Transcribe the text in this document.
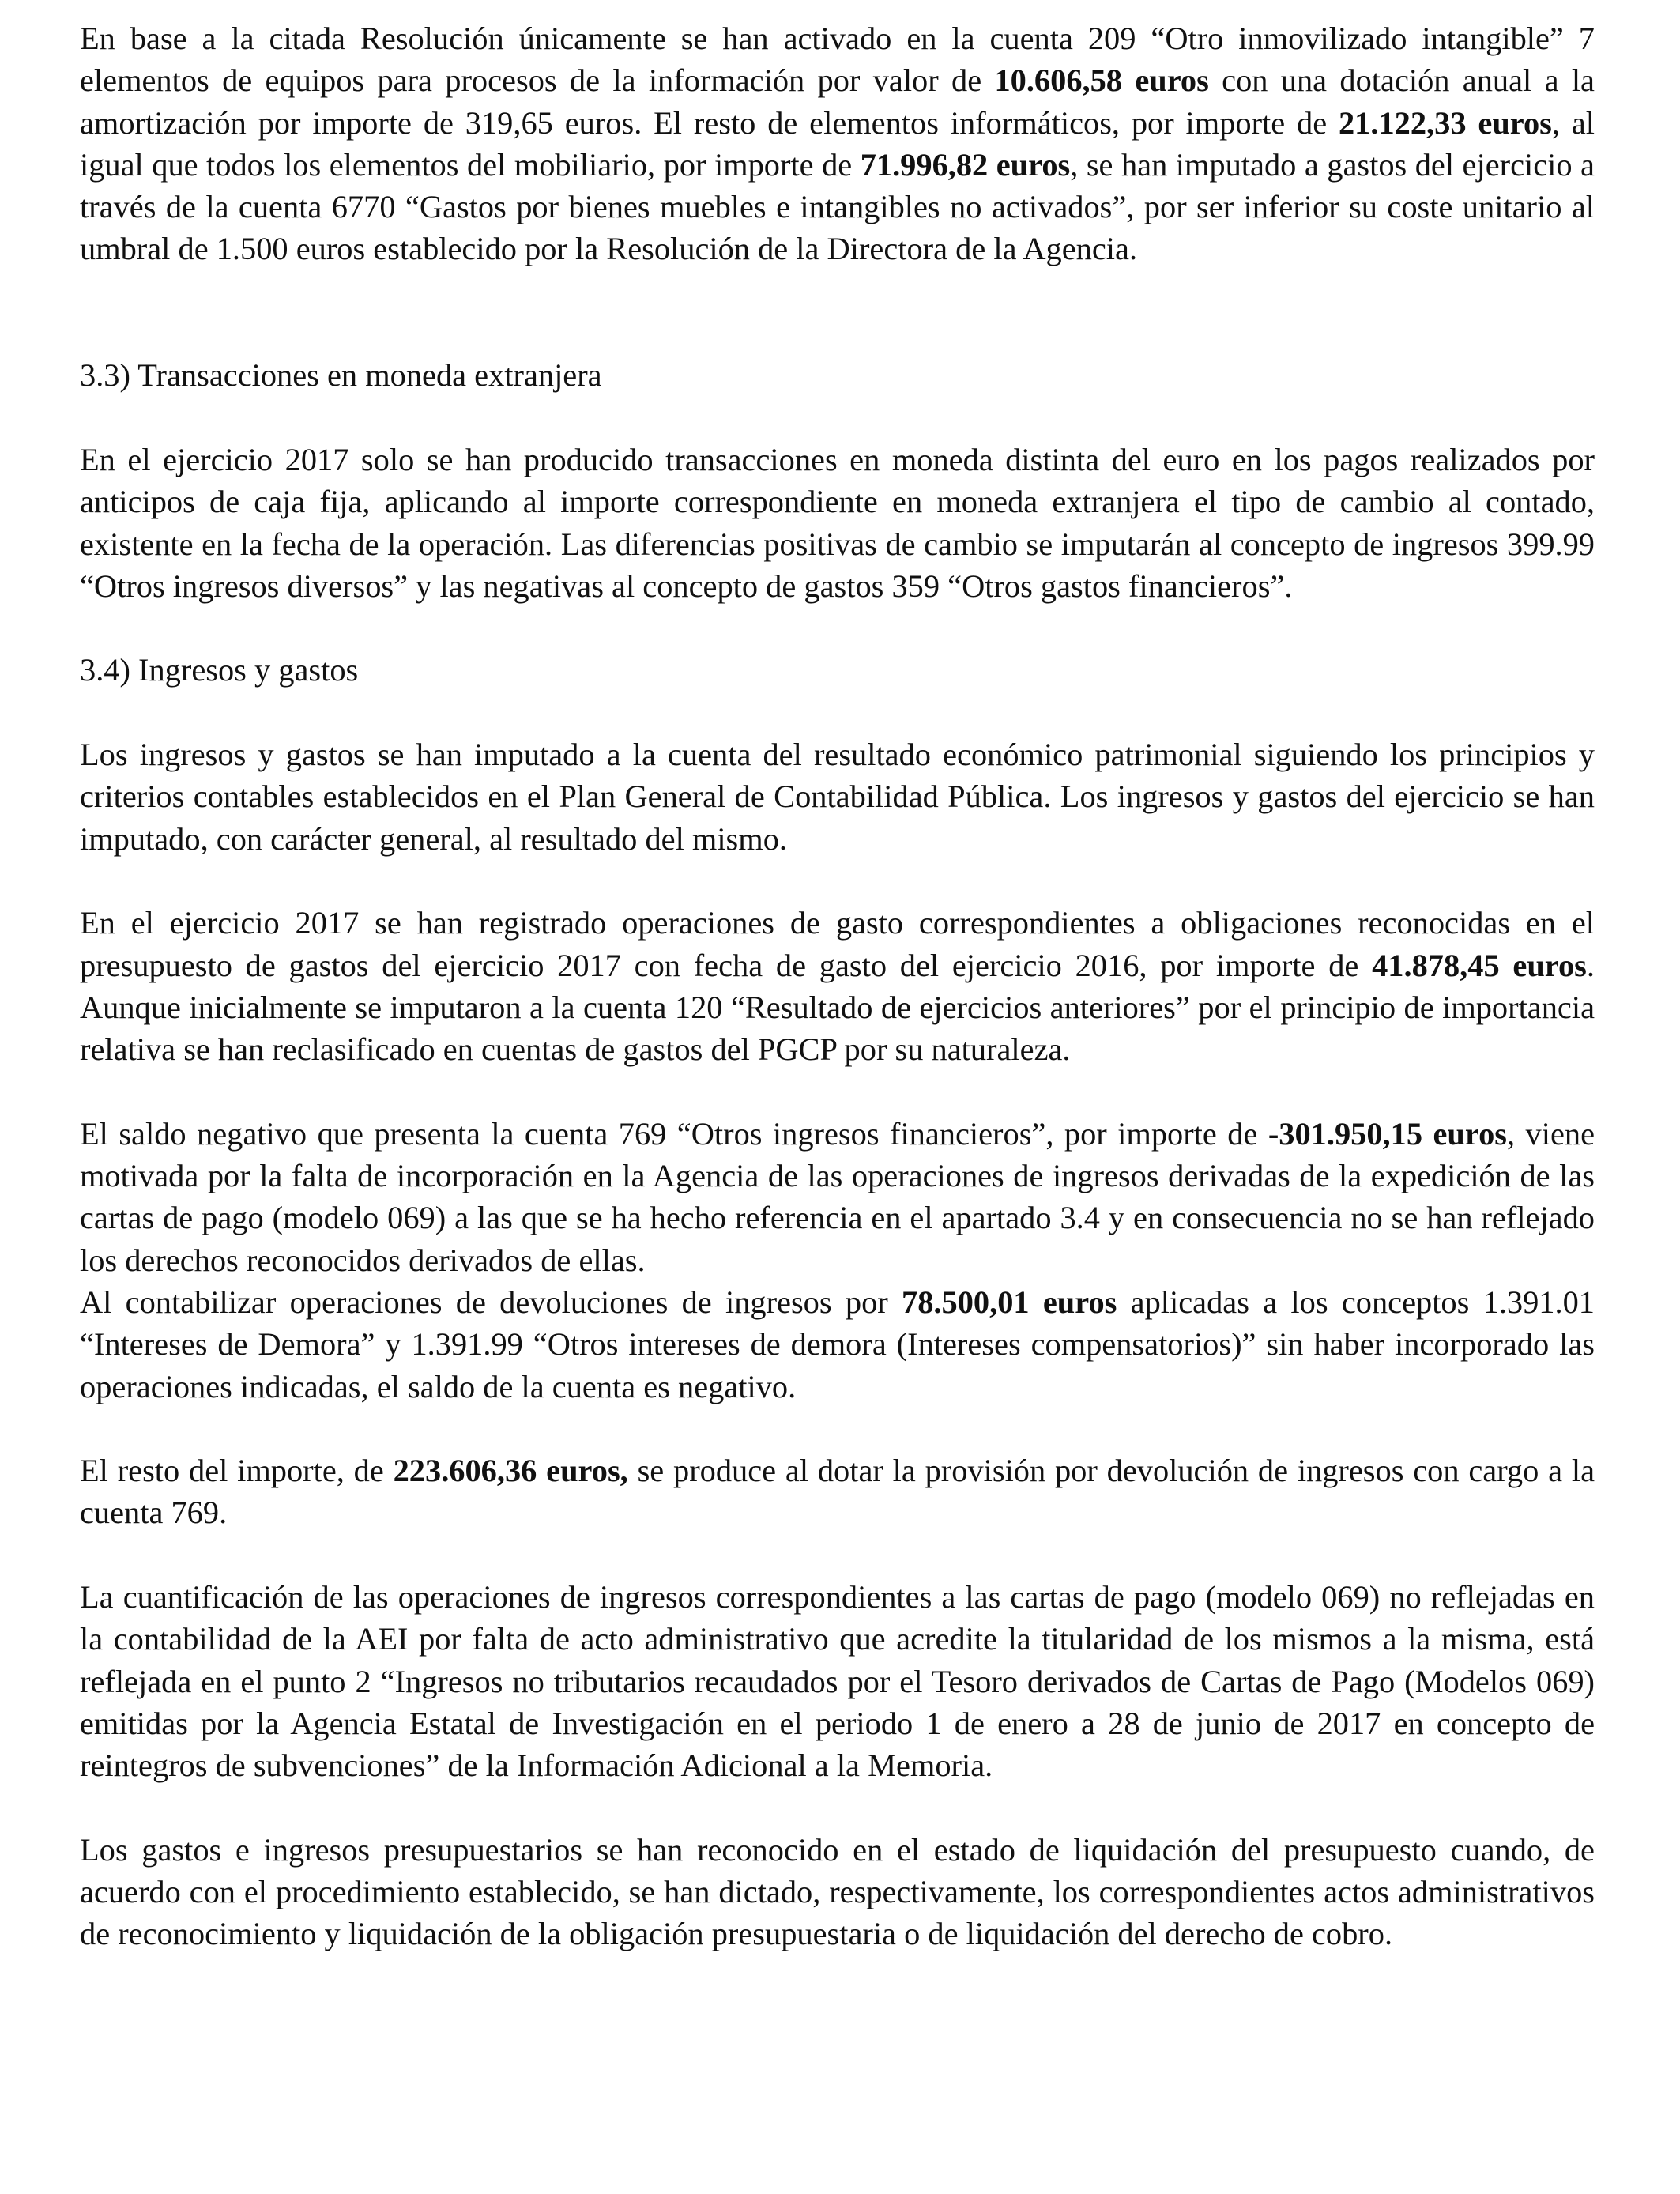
En base a la citada Resolución únicamente se han activado en la cuenta 209 “Otro inmovilizado intangible” 7 elementos de equipos para procesos de la información por valor de 10.606,58 euros con una dotación anual a la amortización por importe de 319,65 euros. El resto de elementos informáticos, por importe de 21.122,33 euros, al igual que todos los elementos del mobiliario, por importe de 71.996,82 euros, se han imputado a gastos del ejercicio a través de la cuenta 6770 “Gastos por bienes muebles e intangibles no activados”, por ser inferior su coste unitario al umbral de 1.500 euros establecido por la Resolución de la Directora de la Agencia.

3.3) Transacciones en moneda extranjera

En el ejercicio 2017 solo se han producido transacciones en moneda distinta del euro en los pagos realizados por anticipos de caja fija, aplicando al importe correspondiente en moneda extranjera el tipo de cambio al contado, existente en la fecha de la operación. Las diferencias positivas de cambio se imputarán al concepto de ingresos 399.99 “Otros ingresos diversos” y las negativas al concepto de gastos 359 “Otros gastos financieros”.

3.4) Ingresos y gastos

Los ingresos y gastos se han imputado a la cuenta del resultado económico patrimonial siguiendo los principios y criterios contables establecidos en el Plan General de Contabilidad Pública. Los ingresos y gastos del ejercicio se han imputado, con carácter general, al resultado del mismo.

En el ejercicio 2017 se han registrado operaciones de gasto correspondientes a obligaciones reconocidas en el presupuesto de gastos del ejercicio 2017 con fecha de gasto del ejercicio 2016, por importe de 41.878,45 euros. Aunque inicialmente se imputaron a la cuenta 120 “Resultado de ejercicios anteriores” por el principio de importancia relativa se han reclasificado en cuentas de gastos del PGCP por su naturaleza.

El saldo negativo que presenta la cuenta 769 “Otros ingresos financieros”, por importe de -301.950,15 euros, viene motivada por la falta de incorporación en la Agencia de las operaciones de ingresos derivadas de la expedición de las cartas de pago (modelo 069) a las que se ha hecho referencia en el apartado 3.4 y en consecuencia no se han reflejado los derechos reconocidos derivados de ellas.

Al contabilizar operaciones de devoluciones de ingresos por 78.500,01 euros aplicadas a los conceptos 1.391.01 “Intereses de Demora” y 1.391.99 “Otros intereses de demora (Intereses compensatorios)” sin haber incorporado las operaciones indicadas, el saldo de la cuenta es negativo.

El resto del importe, de 223.606,36 euros, se produce al dotar la provisión por devolución de ingresos con cargo a la cuenta 769.

La cuantificación de las operaciones de ingresos correspondientes a las cartas de pago (modelo 069) no reflejadas en la contabilidad de la AEI por falta de acto administrativo que acredite la titularidad de los mismos a la misma, está reflejada en el punto 2 “Ingresos no tributarios recaudados por el Tesoro derivados de Cartas de Pago (Modelos 069) emitidas por la Agencia Estatal de Investigación en el periodo 1 de enero a 28 de junio de 2017 en concepto de reintegros de subvenciones” de la Información Adicional a la Memoria.

Los gastos e ingresos presupuestarios se han reconocido en el estado de liquidación del presupuesto cuando, de acuerdo con el procedimiento establecido, se han dictado, respectivamente, los correspondientes actos administrativos de reconocimiento y liquidación de la obligación presupuestaria o de liquidación del derecho de cobro.
